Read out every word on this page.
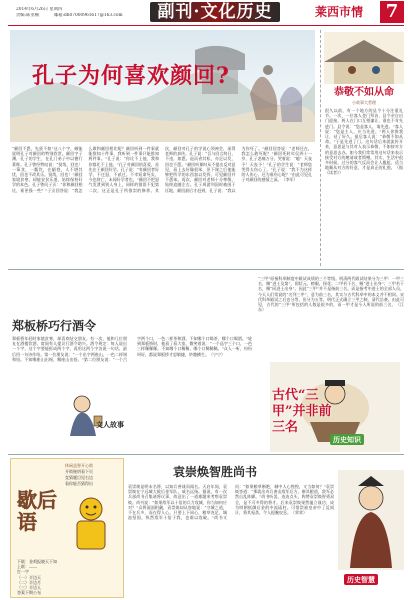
2014年6月26日 星期四
责编:陈亚楠	邮箱:dh07000961617@163.com	副刊·文化历史	莱西市情	7
孔子为何喜欢颜回?
“颜回不愚，先贤不如”这八个字，颇能说明孔子对颜回的特别欣赏。颜回字子渊，孔子的学生，在孔门弟子中以德行著称。孔子曾经赞叹说：“贤哉，回也！一箪食，一瓢饮，在陋巷，人不堪其忧，回也不改其乐。贤哉，回也！”颜回家境贫寒，却能安贫乐道，始终保持好学的本色。孔子曾问子贡：“你和颜回相比，谁更强一些？”子贡回答说：“我怎么敢和颜回相比呢？颜回听到一件事就能推知十件事，我听到一件事只能推知两件事。”孔子说：“你比不上他，我和你都比不上他。”孔子对颜回的喜爱，首先在于颜回好学。孔子说：“有颜回者好学，不迁怒，不贰过。不幸短命死矣，今也则亡，未闻好学者也。”颜回不把怒气发泄到别人身上，同样的错误不犯第二次，这正是孔子所推崇的修养。其次，颜回对孔子的学说心领神会，深得老师的真传。孔子说：“吾与回言终日，不违，如愚。退而省其私，亦足以发，回也不愚。”颜回听课时从不提出反对意见，看上去好像很笨，但下课之后他能够把所学的东西加以发挥，可见颜回并不愚笨。再次，颜回对老师十分尊敬，始终追随左右。孔子周游列国时被困于匡地，颜回最后才赶到，孔子说：“我以为你死了。”颜回回答说：“老师还在，我怎么敢死呢？”颜回死时年仅四十一岁，孔子悲痛万分，哭着说：“噫！天丧予！天丧予！”孔子的学生说：“老师您哭得太伤心了。”孔子说：“我不为这样的人伤心，还为谁伤心呢？”由此可见孔子对颜回的感情之深。（李军）
恭敬不如从命
小故事大哲理
很久以前，有一个地方的县令十分注重礼节。一次，一位客人登门拜访，县令亲自出门迎接，两人在门口互相谦让，谁也不肯先进门。县令说：“您是客人，请先进。”客人说：“您是主人，应当先进。”两人你推我让，站了好久。最后客人说：“恭敬不如从命。”于是先进了门。这句话后来就流传开来，意思是与其对人表示恭敬，不如按对方的意思去办。如今我们常常用这句话来表示接受对方的邀请或者馈赠。其实，生活中很多时候，过分的客气反而会让人尴尬，适当地顺从对方的好意，才是真正的礼貌。（据《读者》）
郑板桥巧行酒令
郑板桥年轻时家境贫寒，却喜欢结交朋友。有一次，他和几位朋友在酒楼饮酒，席间有人提议行酒令助兴。酒令规定：每人说出一个字，这个字要能拆成两个字，再用这两个字各说一句话，最后用一句诗作结。第一位朋友说：“一个出字两座山，一色二样锡和铅。不知哪座山出锡，哪座山出铅。”第二位朋友说：“一个吕字两个口，一色二样茶和酒。不知哪个口喝茶，哪个口喝酒。”轮到郑板桥时，他看了看大家，微笑着说：“一个品字三个口，一色三样稀稀稀。不知哪个口稀稀，哪个口稀稀稀。”众人一听，纷纷叫好，都说郑板桥才思敏捷，妙趣横生。（宁宁）
文人故事
“三甲”原指科举制度中殿试成绩的三个等级。明清两代殿试结果分为三甲：一甲三名，赐“进士及第”，即状元、榜眼、探花；二甲若干名，赐“进士出身”；三甲若干名，赐“同进士出身”。因此“三甲”并不是指前三名，而是指考中进士的全部人员。今天人们常说的“名列三甲”，意为前三名，其实与古代科举中的本义并不相同。宋代科举殿试之后也分等，但分为五等。明代正式确立三甲之制，清代沿袭。由此可见，古代的“三甲”所包括的人数是很多的，而一甲才是今人所说的前三名。（江东）
古代“三甲”并非前三名
历史知识
休闲益智开心锁
开锁秘钥看下页
竞猜题目见右边
看你能否猜得出
歇后语
下联：金鸡报晓天下知
上联：——
打一字
（一）半边天
（二）半边月
（三）半边人
答案下期公布
袁崇焕智胜尚书
袁崇焕是明末名将，以知兵善战而闻名。天启年间，袁崇焕在宁远城大败后金军队，威名远扬。据说，有一次兵部尚书召集诸将议事，故意出了一道难题来考察袁崇焕。尚书说：“如果敌军以十倍的兵力攻城，你当如何应对？”众将面面相觑，袁崇焕却从容地说：“守城之道，不在兵多，而在得人心。只要上下同心，粮草充足，城池坚固，纵然敌军十倍于我，也难以攻破。”尚书又问：“如果粮草断绝，城中人心惶惶，又当如何？”袁崇焕答道：“那就出奇兵袭击敌军后方，断其粮道，敌军必然自乱阵脚。”尚书听罢，连连点头，称赞袁崇焕智勇双全，是不可多得的将才。后来袁崇焕果然屡立战功，成为明朝抵御后金的中流砥柱。可惜崇祯皇帝中了反间计，将其冤杀，令人扼腕叹息。（荣荣）
历史智慧
